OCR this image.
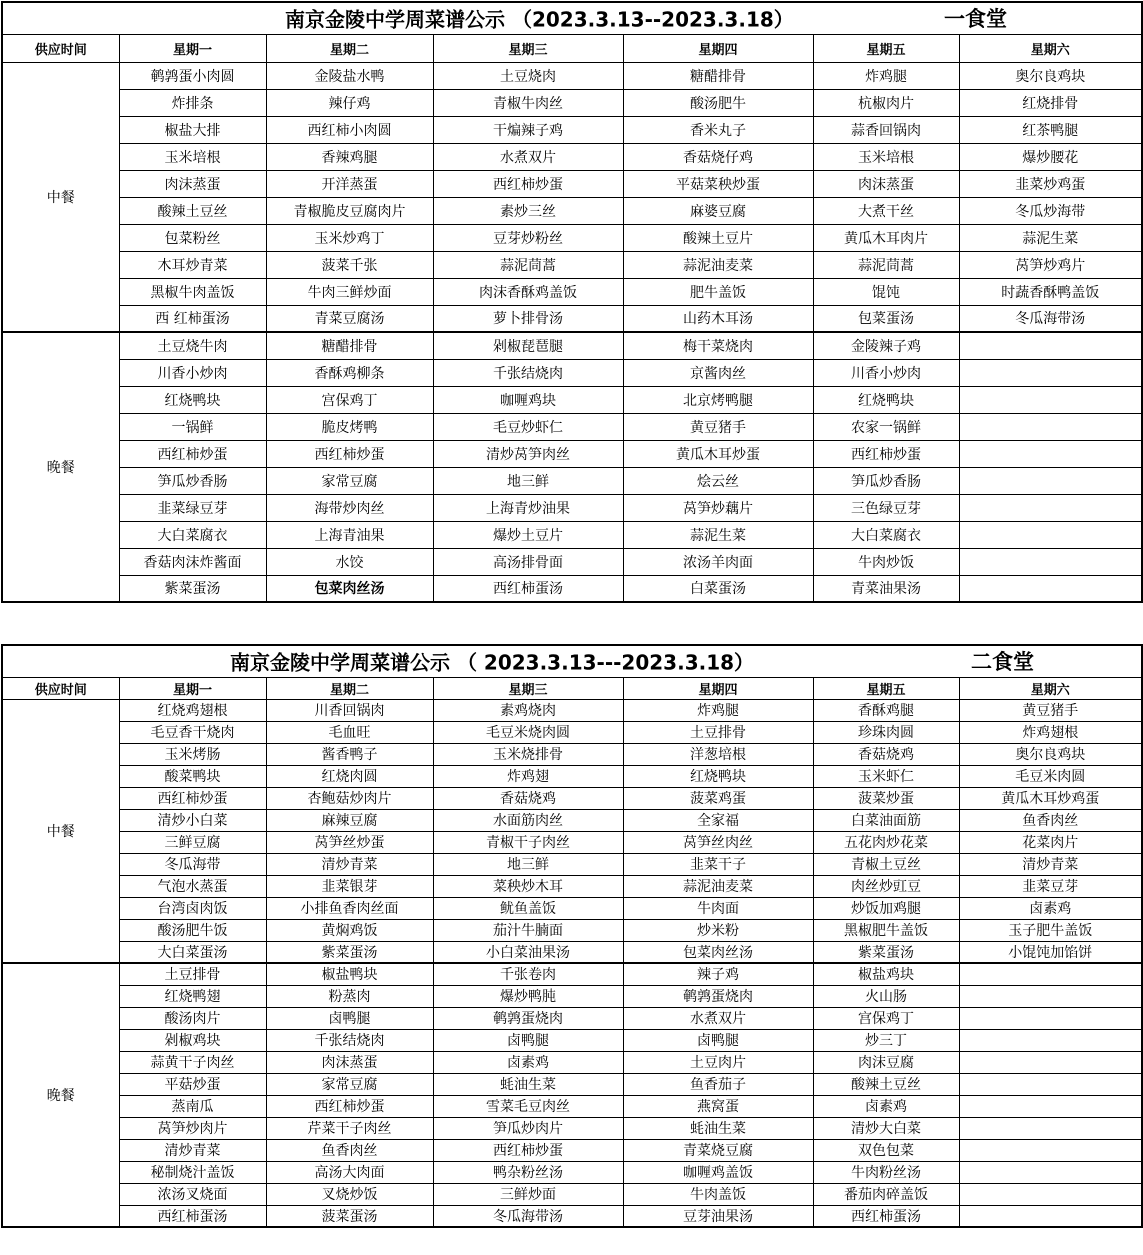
南京金陵中学周菜谱公示 （2023.3.13--2023.3.18） 一食堂						

供应时间	星期一	星期二	星期三	星期四	星期五	星期六
中餐	鹌鹑蛋小肉圆	金陵盐水鸭	土豆烧肉	糖醋排骨	炸鸡腿	奥尔良鸡块
	炸排条	辣仔鸡	青椒牛肉丝	酸汤肥牛	杭椒肉片	红烧排骨
	椒盐大排	西红柿小肉圆	干煸辣子鸡	香米丸子	蒜香回锅肉	红茶鸭腿
	玉米培根	香辣鸡腿	水煮双片	香菇烧仔鸡	玉米培根	爆炒腰花
	肉沫蒸蛋	开洋蒸蛋	西红柿炒蛋	平菇菜秧炒蛋	肉沫蒸蛋	韭菜炒鸡蛋
	酸辣土豆丝	青椒脆皮豆腐肉片	素炒三丝	麻婆豆腐	大煮干丝	冬瓜炒海带
	包菜粉丝	玉米炒鸡丁	豆芽炒粉丝	酸辣土豆片	黄瓜木耳肉片	蒜泥生菜
	木耳炒青菜	菠菜千张	蒜泥茼蒿	蒜泥油麦菜	蒜泥茼蒿	莴笋炒鸡片
	黑椒牛肉盖饭	牛肉三鲜炒面	肉沫香酥鸡盖饭	肥牛盖饭	馄饨	时蔬香酥鸭盖饭
	西 红柿蛋汤	青菜豆腐汤	萝卜排骨汤	山药木耳汤	包菜蛋汤	冬瓜海带汤
晚餐	土豆烧牛肉	糖醋排骨	剁椒琵琶腿	梅干菜烧肉	金陵辣子鸡	
	川香小炒肉	香酥鸡柳条	千张结烧肉	京酱肉丝	川香小炒肉	
	红烧鸭块	宫保鸡丁	咖喱鸡块	北京烤鸭腿	红烧鸭块	
	一锅鲜	脆皮烤鸭	毛豆炒虾仁	黄豆猪手	农家一锅鲜	
	西红柿炒蛋	西红柿炒蛋	清炒莴笋肉丝	黄瓜木耳炒蛋	西红柿炒蛋	
	笋瓜炒香肠	家常豆腐	地三鲜	烩云丝	笋瓜炒香肠	
	韭菜绿豆芽	海带炒肉丝	上海青炒油果	莴笋炒藕片	三色绿豆芽	
	大白菜腐衣	上海青油果	爆炒土豆片	蒜泥生菜	大白菜腐衣	
	香菇肉沫炸酱面	水饺	高汤排骨面	浓汤羊肉面	牛肉炒饭	
	紫菜蛋汤	包菜肉丝汤	西红柿蛋汤	白菜蛋汤	青菜油果汤	
南京金陵中学周菜谱公示 （ 2023.3.13---2023.3.18） 二食堂						

供应时间	星期一	星期二	星期三	星期四	星期五	星期六
中餐	红烧鸡翅根	川香回锅肉	素鸡烧肉	炸鸡腿	香酥鸡腿	黄豆猪手
	毛豆香干烧肉	毛血旺	毛豆米烧肉圆	土豆排骨	珍珠肉圆	炸鸡翅根
	玉米烤肠	酱香鸭子	玉米烧排骨	洋葱培根	香菇烧鸡	奥尔良鸡块
	酸菜鸭块	红烧肉圆	炸鸡翅	红烧鸭块	玉米虾仁	毛豆米肉圆
	西红柿炒蛋	杏鲍菇炒肉片	香菇烧鸡	菠菜鸡蛋	菠菜炒蛋	黄瓜木耳炒鸡蛋
	清炒小白菜	麻辣豆腐	水面筋肉丝	全家福	白菜油面筋	鱼香肉丝
	三鲜豆腐	莴笋丝炒蛋	青椒干子肉丝	莴笋丝肉丝	五花肉炒花菜	花菜肉片
	冬瓜海带	清炒青菜	地三鲜	韭菜干子	青椒土豆丝	清炒青菜
	气泡水蒸蛋	韭菜银芽	菜秧炒木耳	蒜泥油麦菜	肉丝炒豇豆	韭菜豆芽
	台湾卤肉饭	小排鱼香肉丝面	鱿鱼盖饭	牛肉面	炒饭加鸡腿	卤素鸡
	酸汤肥牛饭	黄焖鸡饭	茄汁牛腩面	炒米粉	黑椒肥牛盖饭	玉子肥牛盖饭
	大白菜蛋汤	紫菜蛋汤	小白菜油果汤	包菜肉丝汤	紫菜蛋汤	小馄饨加馅饼
晚餐	土豆排骨	椒盐鸭块	千张卷肉	辣子鸡	椒盐鸡块	
	红烧鸭翅	粉蒸肉	爆炒鸭肫	鹌鹑蛋烧肉	火山肠	
	酸汤肉片	卤鸭腿	鹌鹑蛋烧肉	水煮双片	宫保鸡丁	
	剁椒鸡块	千张结烧肉	卤鸭腿	卤鸭腿	炒三丁	
	蒜黄干子肉丝	肉沫蒸蛋	卤素鸡	土豆肉片	肉沫豆腐	
	平菇炒蛋	家常豆腐	蚝油生菜	鱼香茄子	酸辣土豆丝	
	蒸南瓜	西红柿炒蛋	雪菜毛豆肉丝	燕窝蛋	卤素鸡	
	莴笋炒肉片	芹菜干子肉丝	笋瓜炒肉片	蚝油生菜	清炒大白菜	
	清炒青菜	鱼香肉丝	西红柿炒蛋	青菜烧豆腐	双色包菜	
	秘制烧汁盖饭	高汤大肉面	鸭杂粉丝汤	咖喱鸡盖饭	牛肉粉丝汤	
	浓汤叉烧面	叉烧炒饭	三鲜炒面	牛肉盖饭	番茄肉碎盖饭	
	西红柿蛋汤	菠菜蛋汤	冬瓜海带汤	豆芽油果汤	西红柿蛋汤	
